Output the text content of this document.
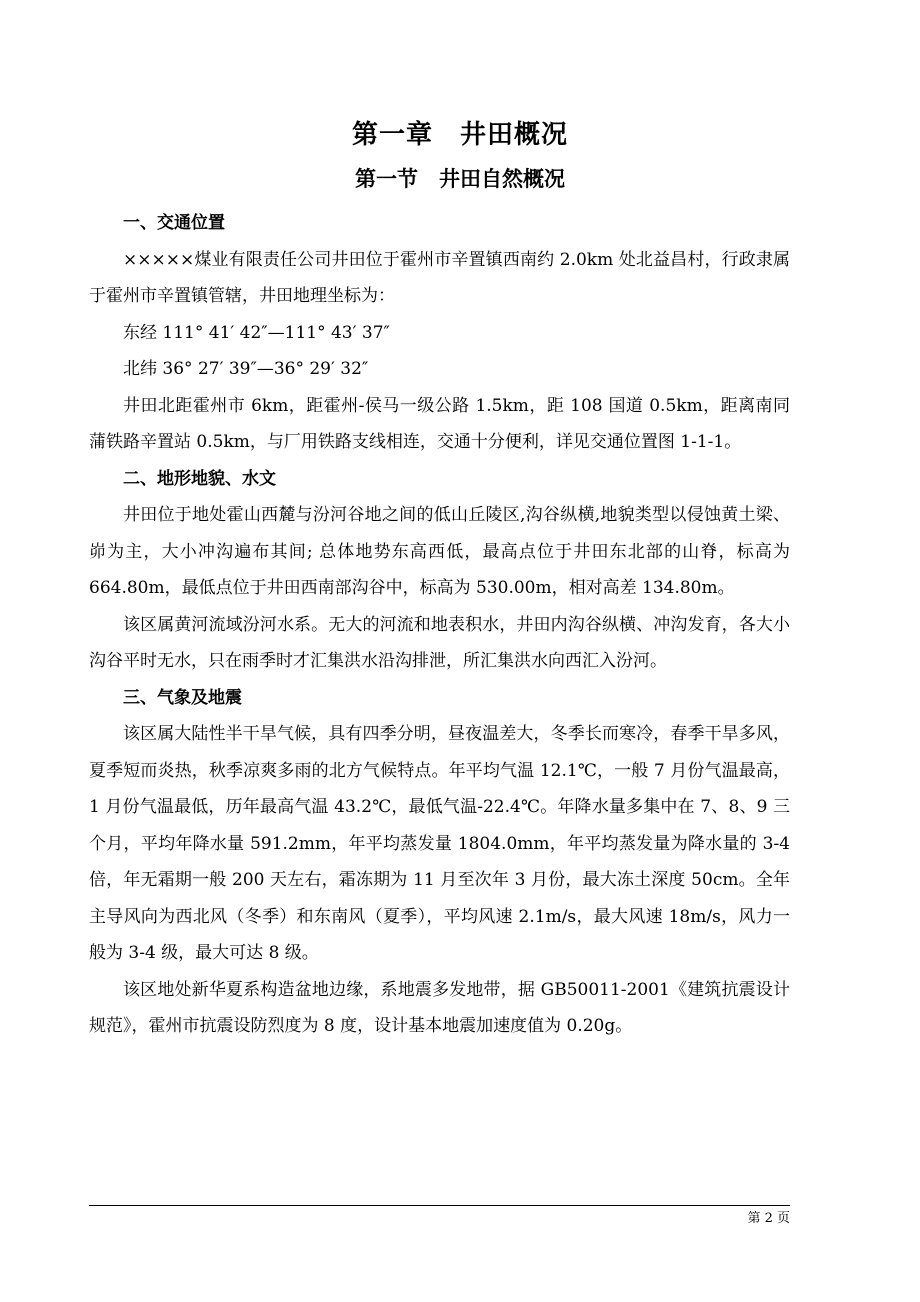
第一章　井田概况
第一节　井田自然概况
一、交通位置
×××××煤业有限责任公司井田位于霍州市辛置镇西南约 2.0km 处北益昌村，行政隶属于霍州市辛置镇管辖，井田地理坐标为：
东经 111° 41′ 42″—111° 43′ 37″
北纬 36° 27′ 39″—36° 29′ 32″
井田北距霍州市 6km，距霍州-侯马一级公路 1.5km，距 108 国道 0.5km，距离南同蒲铁路辛置站 0.5km，与厂用铁路支线相连，交通十分便利，详见交通位置图 1-1-1。
二、地形地貌、水文
井田位于地处霍山西麓与汾河谷地之间的低山丘陵区,沟谷纵横,地貌类型以侵蚀黄土梁、峁为主，大小冲沟遍布其间; 总体地势东高西低，最高点位于井田东北部的山脊，标高为 664.80m，最低点位于井田西南部沟谷中，标高为 530.00m，相对高差 134.80m。
该区属黄河流域汾河水系。无大的河流和地表积水，井田内沟谷纵横、冲沟发育，各大小沟谷平时无水，只在雨季时才汇集洪水沿沟排泄，所汇集洪水向西汇入汾河。
三、气象及地震
该区属大陆性半干旱气候，具有四季分明，昼夜温差大，冬季长而寒冷，春季干旱多风，夏季短而炎热，秋季凉爽多雨的北方气候特点。年平均气温 12.1℃，一般 7 月份气温最高，1 月份气温最低，历年最高气温 43.2℃，最低气温-22.4℃。年降水量多集中在 7、8、9 三个月，平均年降水量 591.2mm，年平均蒸发量 1804.0mm，年平均蒸发量为降水量的 3-4 倍，年无霜期一般 200 天左右，霜冻期为 11 月至次年 3 月份，最大冻土深度 50cm。全年主导风向为西北风（冬季）和东南风（夏季），平均风速 2.1m/s，最大风速 18m/s，风力一般为 3-4 级，最大可达 8 级。
该区地处新华夏系构造盆地边缘，系地震多发地带，据 GB50011-2001《建筑抗震设计规范》，霍州市抗震设防烈度为 8 度，设计基本地震加速度值为 0.20g。
第 2 页
